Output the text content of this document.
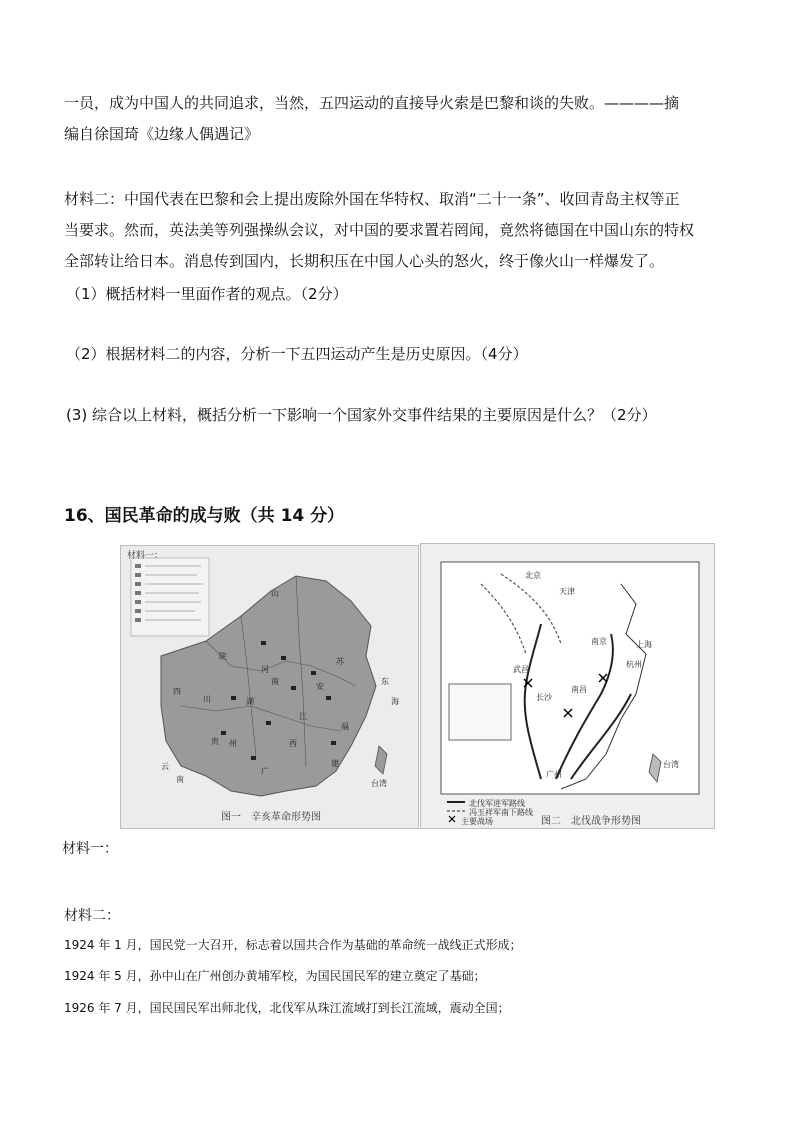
一员，成为中国人的共同追求，当然，五四运动的直接导火索是巴黎和谈的失败。————摘
编自徐国琦《边缘人偶遇记》
材料二：中国代表在巴黎和会上提出废除外国在华特权、取消“二十一条”、收回青岛主权等正
当要求。然而，英法美等列强操纵会议，对中国的要求置若罔闻，竟然将德国在中国山东的特权
全部转让给日本。消息传到国内，长期积压在中国人心头的怒火，终于像火山一样爆发了。
（1）概括材料一里面作者的观点。（2分）
（2）根据材料二的内容，分析一下五四运动产生是历史原因。（4分）
(3) 综合以上材料，概括分析一下影响一个国家外交事件结果的主要原因是什么？（2分）
16、国民革命的成与败（共 14 分）
材料一：
山
陕
河
南
四
川	湖
贵 州
云
南
广
西
江
苏
安
福
建
台湾
东
海
图一　辛亥革命形势图
北京
天津
长沙
武昌
南昌
南京
杭州
上海
广州
台湾
北伐军进军路线
冯玉祥军南下路线
主要战场	图二　北伐战争形势图
材料一：
材料二：
1924 年 1 月，国民党一大召开，标志着以国共合作为基础的革命统一战线正式形成；
1924 年 5 月，孙中山在广州创办黄埔军校，为国民国民军的建立奠定了基础；
1926 年 7 月，国民国民军出师北伐，北伐军从珠江流域打到长江流域，震动全国；
